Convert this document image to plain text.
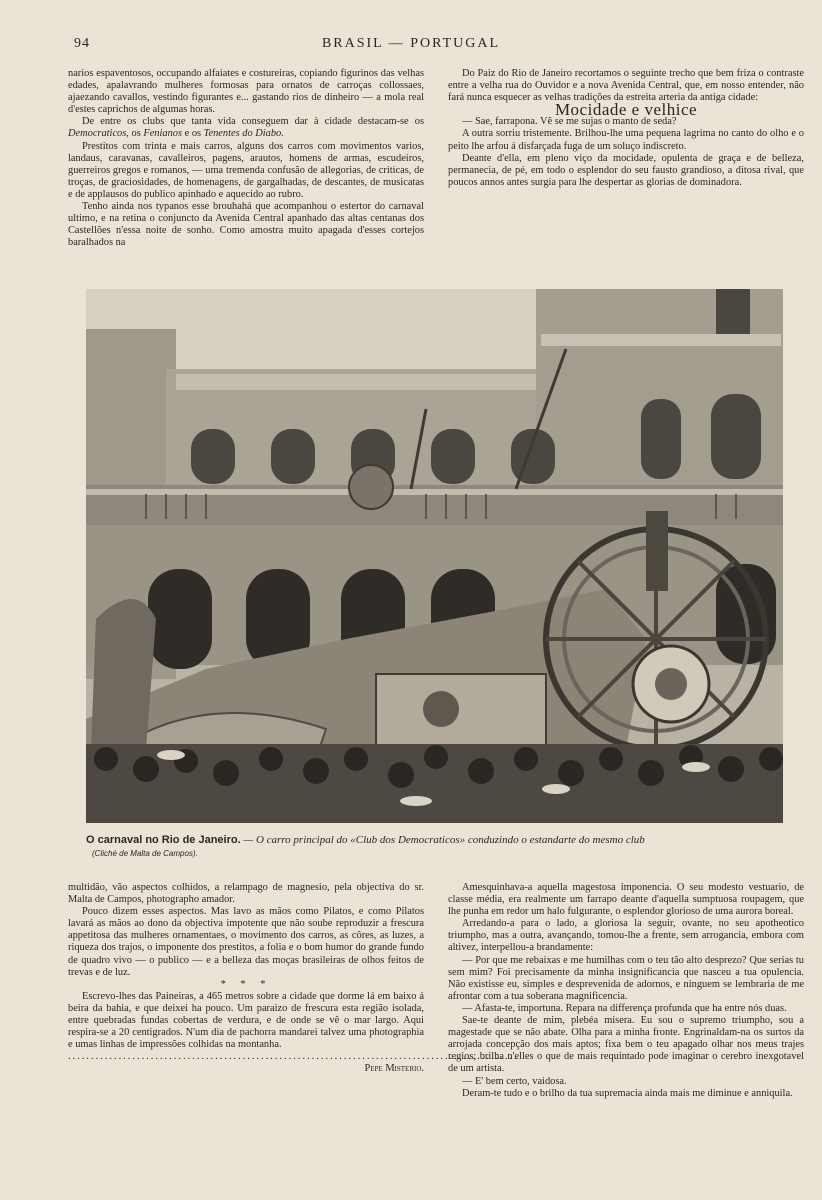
94	BRASIL — PORTUGAL

narios espaventosos, occupando alfaiates e costureiras, copiando figurinos das velhas edades, apalavrando mulheres formosas para ornatos de carroças collossaes, ajaezando cavallos, vestindo figurantes e... gastando rios de dinheiro — a mola real d'estes caprichos de algumas horas.

De entre os clubs que tanta vida conseguem dar à cidade destacam-se os Democraticos, os Fenianos e os Tenentes do Diabo.

Prestitos com trinta e mais carros, alguns dos carros com movimentos varios, landaus, caravanas, cavalleiros, pagens, arautos, homens de armas, escudeiros, guerreiros gregos e romanos, — uma tremenda confusão de allegorias, de criticas, de troças, de graciosidades, de homenagens, de gargalhadas, de descantes, de musicatas e de applausos do publico apinhado e aquecido ao rubro.

Tenho ainda nos typanos esse brouhahá que acompanhou o estertor do carnaval ultimo, e na retina o conjuncto da Avenida Central apanhado das altas centanas dos Castellões n'essa noite de sonho. Como amostra muito apagada d'esses cortejos baralhados na

Do Paiz do Rio de Janeiro recortamos o seguinte trecho que bem friza o contraste entre a velha rua do Ouvidor e a nova Avenida Central, que, em nosso entender, não fará nunca esquecer as velhas tradições da estreita arteria da antiga cidade:

Mocidade e velhice

— Sae, farrapona. Vê se me sujas o manto de seda?

A outra sorriu tristemente. Brilhou-lhe uma pequena lagrima no canto do olho e o peito lhe arfou á disfarçada fuga de um soluço indiscreto.

Deante d'ella, em pleno viço da mocidade, opulenta de graça e de belleza, permanecia, de pé, em todo o esplendor do seu fausto grandioso, a ditosa rival, que poucos annos antes surgia para lhe despertar as glorias de dominadora.

O carnaval no Rio de Janeiro. — O carro principal do «Club dos Democraticos» conduzindo o estandarte do mesmo club
(Cliché de Malta de Campos).

multidão, vão aspectos colhidos, a relampago de magnesio, pela objectiva do sr. Malta de Campos, photographo amador.

Pouco dizem esses aspectos. Mas lavo as mãos como Pilatos, e como Pilatos lavará as mãos ao dono da objectiva impotente que não soube reproduzir a frescura appetitosa das mulheres ornamentaes, o movimento dos carros, as côres, as luzes, a riqueza dos trajos, o imponente dos prestitos, a folia e o bom humor do grande fundo de quadro vivo — o publico — e a belleza das moças brasileiras de olhos feitos de trevas e de luz.

* * *

Escrevo-lhes das Paineiras, a 465 metros sobre a cidade que dorme lá em baixo á beira da bahia, e que deixei ha pouco. Um paraizo de frescura esta região isolada, entre quebradas fundas cobertas de verdura, e de onde se vê o mar largo. Aqui respira-se a 20 centigrados. N'um dia de pachorra mandarei talvez uma photographia e umas linhas de impressões colhidas na montanha.

..................................................................................................

Pepe Misterio.

Amesquinhava-a aquella magestosa imponencia. O seu modesto vestuario, de classe média, era realmente um farrapo deante d'aquella sumptuosa roupagem, que lhe punha em redor um halo fulgurante, o esplendor glorioso de uma aurora boreal.

Arredando-a para o lado, a gloriosa la seguir, ovante, no seu apotheotico triumpho, mas a outra, avançando, tomou-lhe a frente, sem arrogancia, embora com altivez, interpellou-a brandamente:

— Por que me rebaixas e me humilhas com o teu tão alto desprezo? Que serias tu sem mim? Foi precisamente da minha insignificancia que nasceu a tua opulencia. Não existisse eu, simples e desprevenida de adornos, e ninguem se lembraria de me afrontar com a tua soberana magnificencia.

— Afasta-te, importuna. Repara na differença profunda que ha entre nós duas.

Sae-te deante de mim, plebéa misera. Eu sou o supremo triumpho, sou a magestade que se não abate. Olha para a minha fronte. Engrinaldam-na os surtos da arrojada concepção dos mais aptos; fixa bem o teu apagado olhar nos meus trajes regios; brilha n'elles o que de mais requintado pode imaginar o cerebro inexgotavel de um artista.

— E' bem certo, vaidosa.

Deram-te tudo e o brilho da tua supremacia ainda mais me diminue e anniquila.
